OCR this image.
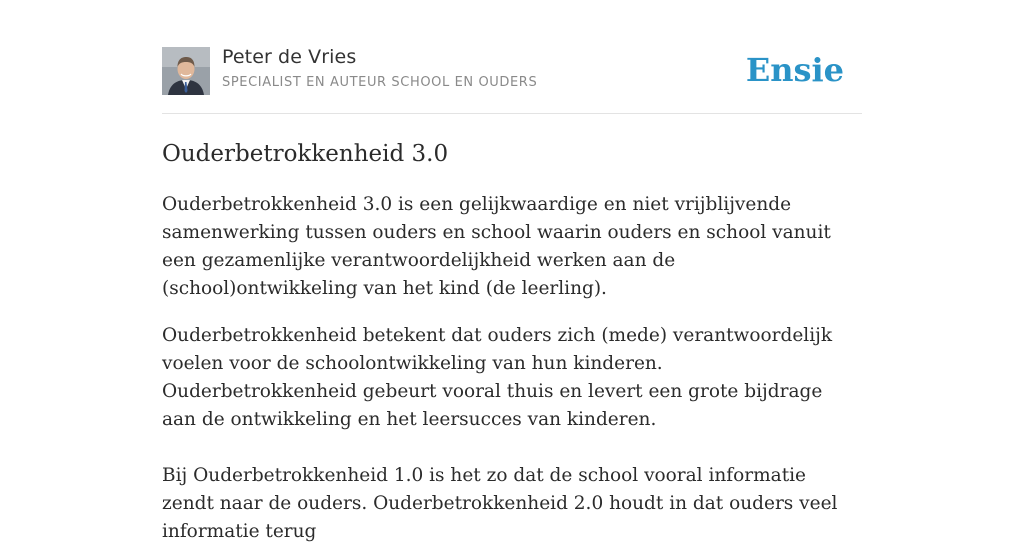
Peter de Vries
SPECIALIST EN AUTEUR SCHOOL EN OUDERS	Ensie
Ouderbetrokkenheid 3.0

Ouderbetrokkenheid 3.0 is een gelijkwaardige en niet vrijblijvende samenwerking tussen ouders en school waarin ouders en school vanuit een gezamenlijke verantwoordelijkheid werken aan de (school)ontwikkeling van het kind (de leerling).

Ouderbetrokkenheid betekent dat ouders zich (mede) verantwoordelijk voelen voor de schoolontwikkeling van hun kinderen. Ouderbetrokkenheid gebeurt vooral thuis en levert een grote bijdrage aan de ontwikkeling en het leersucces van kinderen.

Bij Ouderbetrokkenheid 1.0 is het zo dat de school vooral informatie zendt naar de ouders. Ouderbetrokkenheid 2.0 houdt in dat ouders veel informatie terug
